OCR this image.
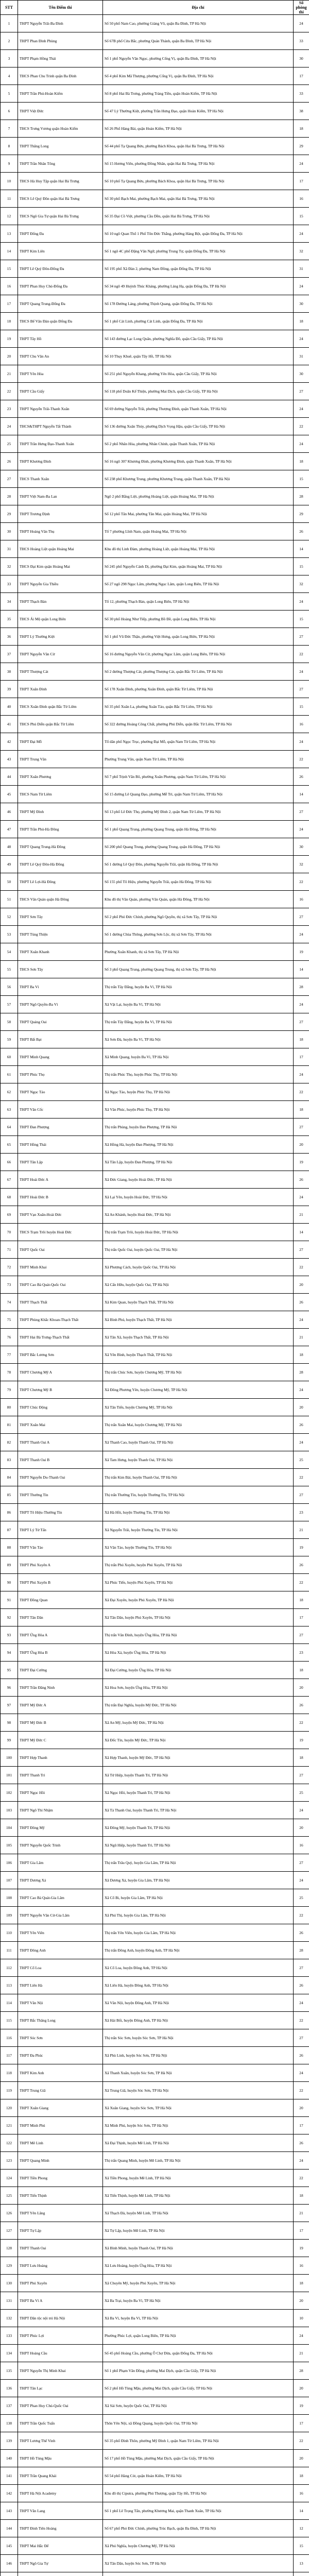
STT	Tên Điểm thi	Địa chỉ	Số phòng thi
1	THPT Nguyễn Trãi-Ba Đình	Số 50 phố Nam Cao, phường Giảng Võ, quận Ba Đình, TP Hà Nội	24
2	THPT Phan Đình Phùng	Số 67B phố Cửa Bắc, phường Quán Thánh, quận Ba Đình, TP Hà Nội	33
3	THPT Phạm Hồng Thái	Số 1 phố Nguyễn Văn Ngọc, phường Cống Vị, quận Ba Đình, TP Hà Nội	30
4	THCS Phan Chu Trinh quận Ba Đình	Số 4 phố Kim Mã Thượng, phường Cống Vị, quận Ba Đình, TP Hà Nội	17
5	THPT Trần Phú-Hoàn Kiếm	Số 8 phố Hai Bà Trưng, phường Tràng Tiền, quận Hoàn Kiếm, TP Hà Nội	33
6	THPT Việt Đức	Số 47 Lý Thường Kiệt, phường Trần Hưng Đạo, quận Hoàn Kiếm, TP Hà Nội	38
7	THCS Trưng Vương quận Hoàn Kiếm	Số 26 Phố Hàng Bài, quận Hoàn Kiếm, TP Hà Nội	18
8	THPT Thăng Long	Số 44 phố Tạ Quang Bửu, phường Bách Khoa, quận Hai Bà Trưng, TP Hà Nội	29
9	THPT Trần Nhân Tông	Số 15 Hương Viên, phường Đồng Nhân, quận Hai Bà Trưng, TP Hà Nội	24
10	THCS Hà Huy Tập quận Hai Bà Trưng	Số 10 phố Tạ Quang Bửu, phường Bách Khoa, quận Hai Bà Trưng, TP Hà Nội	17
11	THCS Lê Quý Đôn quận Hai Bà Trưng	Số 30 phố Bạch Mai, phường Bạch Mai, quận Hai Bà Trưng, TP Hà Nội	16
12	THCS Ngô Gia Tự quận Hai Bà Trưng	Số 35 Đại Cồ Việt, phường Cầu Dền, quận Hai Bà Trưng, TP Hà Nội	15
13	THPT Đống Đa	Số 10 ngõ Quan Thổ 1 Phố Tôn Đức Thắng, phường Hàng Bột, quận Đống Đa, TP Hà Nội	24
14	THPT Kim Liên	Số 1 ngõ 4C phố Đặng Văn Ngữ, phường Trung Tự, quận Đống Đa, TP Hà Nội	32
15	THPT Lê Quý Đôn-Đống Đa	Số 195 phố Xã Đàn 2, phường Nam Đồng, quận Đống Đa, TP Hà Nội	31
16	THPT Phan Huy Chú-Đống Đa	Số 34 ngõ 49 Huỳnh Thúc Kháng, phường Láng Hạ, quận Đống Đa, TP Hà Nội	24
17	THPT Quang Trung-Đống Đa	Số 178 Đường Láng, phường Thịnh Quang, quận Đống Đa, TP Hà Nội	30
18	THCS Bế Văn Đàn quận Đống Đa	Số 1 phố Cát Linh, phường Cát Linh, quận Đống Đa, TP Hà Nội	18
19	THPT Tây Hồ	Số 143 đường Lạc Long Quân, phường Nghĩa Đô, quận Cầu Giấy, TP Hà Nội	24
20	THPT Chu Văn An	Số 10 Thụy Khuê, quận Tây Hồ, TP Hà Nội	31
21	THPT Yên Hòa	Số 251 phố Nguyễn Khang, phường Yên Hòa, quận Cầu Giấy, TP Hà Nội	30
22	THPT Cầu Giấy	Số 118 phố Doãn Kế Thiện, phường Mai Dịch, quận Cầu Giấy, TP Hà Nội	27
23	THPT Nguyễn Trãi-Thanh Xuân	Số 69 đường Nguyễn Trãi, phường Thượng Đình, quận Thanh Xuân, TP Hà Nội	24
24	THCS&THPT Nguyễn Tất Thành	Số 136 đường Xuân Thủy, phường Dịch Vọng Hậu, quận Cầu Giấy, TP Hà Nội	22
25	THPT Trần Hưng Đạo-Thanh Xuân	Số 2 phố Nhân Hòa, phường Nhân Chính, quận Thanh Xuân, TP Hà Nội	24
26	THPT Khương Đình	Số 16 ngõ 307 Khương Đình, phường Khương Đình, quận Thanh Xuân, TP Hà Nội	18
27	THCS Thanh Xuân	Số 238 phố Khương Trung, phường Khương Trung, quận Thanh Xuân, TP Hà Nội	15
28	THPT Việt Nam-Ba Lan	Ngõ 2 phố Bằng Liệt, phường Hoàng Liệt, quận Hoàng Mai, TP Hà Nội	28
29	THPT Trương Định	Số 12 phố Tân Mai, phường Tân Mai, quận Hoàng Mai, TP Hà Nội	29
30	THPT Hoàng Văn Thụ	Tổ 7 phường Lĩnh Nam, quận Hoàng Mai, TP Hà Nội	26
31	THCS Hoàng Liệt quận Hoàng Mai	Khu đô thị Linh Đàm, phường Hoàng Liệt, quận Hoàng Mai, TP Hà Nội	14
32	THCS Đại Kim quận Hoàng Mai	Số 245 phố Nguyễn Cảnh Dị, phường Đại Kim, quận Hoàng Mai, TP Hà Nội	15
33	THPT Nguyễn Gia Thiều	Số 27 ngõ 298 Ngọc Lâm, phường Ngọc Lâm, quận Long Biên, TP Hà Nội	32
34	THPT Thạch Bàn	Tổ 12, phường Thạch Bàn, quận Long Biên, TP Hà Nội	24
35	THCS Ái Mộ quận Long Biên	Số 30 phố Hoàng Như Tiếp, phường Bồ Đề, quận Long Biên, TP Hà Nội	15
36	THPT Lý Thường Kiệt	Số 1 phố Vũ Đức Thận, phường Việt Hưng, quận Long Biên, TP Hà Nội	27
37	THPT Nguyễn Văn Cừ	Số 16 đường Nguyễn Văn Cừ, phường Ngọc Lâm, quận Long Biên, TP Hà Nội	22
38	THPT Thượng Cát	Số 2 đường Thượng Cát, phường Thượng Cát, quận Bắc Từ Liêm, TP Hà Nội	24
39	THPT Xuân Đỉnh	Số 178 Xuân Đỉnh, phường Xuân Đỉnh, quận Bắc Từ Liêm, TP Hà Nội	27
40	THCS Xuân Đỉnh quận Bắc Từ Liêm	Số 35 phố Xuân La, phường Xuân Tảo, quận Bắc Từ Liêm, TP Hà Nội	15
41	THCS Phú Diễn quận Bắc Từ Liêm	Số 322 đường Hoàng Công Chất, phường Phú Diễn, quận Bắc Từ Liêm, TP Hà Nội	16
42	THPT Đại Mỗ	Tổ dân phố Ngọc Trục, phường Đại Mỗ, quận Nam Từ Liêm, TP Hà Nội	24
43	THPT Trung Văn	Phường Trung Văn, quận Nam Từ Liêm, TP Hà Nội	22
44	THPT Xuân Phương	Số 7 phố Trịnh Văn Bô, phường Xuân Phương, quận Nam Từ Liêm, TP Hà Nội	26
45	THCS Nam Từ Liêm	Số 15 đường Lê Quang Đạo, phường Mễ Trì, quận Nam Từ Liêm, TP Hà Nội	14
46	THPT Mỹ Đình	Số 13 phố Lê Đức Thọ, phường Mỹ Đình 2, quận Nam Từ Liêm, TP Hà Nội	27
47	THPT Trần Phú-Hà Đông	Số 1 phố Quang Trung, phường Quang Trung, quận Hà Đông, TP Hà Nội	24
48	THPT Quang Trung-Hà Đông	Số 200 phố Quang Trung, phường Quang Trung, quận Hà Đông, TP Hà Nội	30
49	THPT Lê Quý Đôn-Hà Đông	Số 1 đường Lê Quý Đôn, phường Nguyễn Trãi, quận Hà Đông, TP Hà Nội	32
50	THPT Lê Lợi-Hà Đông	Số 155 phố Tô Hiệu, phường Nguyễn Trãi, quận Hà Đông, TP Hà Nội	22
51	THCS Văn Quán quận Hà Đông	Khu đô thị Văn Quán, phường Văn Quán, quận Hà Đông, TP Hà Nội	16
52	THPT Sơn Tây	Số 2 phố Phó Đức Chính, phường Ngô Quyền, thị xã Sơn Tây, TP Hà Nội	27
53	THPT Tùng Thiện	Số 1 đường Chùa Thông, phường Sơn Lộc, thị xã Sơn Tây, TP Hà Nội	24
54	THPT Xuân Khanh	Phường Xuân Khanh, thị xã Sơn Tây, TP Hà Nội	19
55	THCS Sơn Tây	Số 3 phố Quang Trung, phường Quang Trung, thị xã Sơn Tây, TP Hà Nội	14
56	THPT Ba Vì	Thị trấn Tây Đằng, huyện Ba Vì, TP Hà Nội	28
57	THPT Ngô Quyền-Ba Vì	Xã Vật Lại, huyện Ba Vì, TP Hà Nội	24
58	THPT Quảng Oai	Thị trấn Tây Đằng, huyện Ba Vì, TP Hà Nội	27
59	THPT Bất Bạt	Xã Sơn Đà, huyện Ba Vì, TP Hà Nội	18
60	THPT Minh Quang	Xã Minh Quang, huyện Ba Vì, TP Hà Nội	17
61	THPT Phúc Thọ	Thị trấn Phúc Thọ, huyện Phúc Thọ, TP Hà Nội	24
62	THPT Ngọc Tảo	Xã Ngọc Tảo, huyện Phúc Thọ, TP Hà Nội	22
63	THPT Vân Cốc	Xã Vân Phúc, huyện Phúc Thọ, TP Hà Nội	18
64	THPT Đan Phượng	Thị trấn Phùng, huyện Đan Phượng, TP Hà Nội	27
65	THPT Hồng Thái	Xã Hồng Hà, huyện Đan Phượng, TP Hà Nội	20
66	THPT Tân Lập	Xã Tân Lập, huyện Đan Phượng, TP Hà Nội	19
67	THPT Hoài Đức A	Xã Đức Giang, huyện Hoài Đức, TP Hà Nội	26
68	THPT Hoài Đức B	Xã Lại Yên, huyện Hoài Đức, TP Hà Nội	24
69	THPT Vạn Xuân-Hoài Đức	Xã An Khánh, huyện Hoài Đức, TP Hà Nội	21
70	THCS Trạm Trôi huyện Hoài Đức	Thị trấn Trạm Trôi, huyện Hoài Đức, TP Hà Nội	14
71	THPT Quốc Oai	Thị trấn Quốc Oai, huyện Quốc Oai, TP Hà Nội	27
72	THPT Minh Khai	Xã Phượng Cách, huyện Quốc Oai, TP Hà Nội	22
73	THPT Cao Bá Quát-Quốc Oai	Xã Cấn Hữu, huyện Quốc Oai, TP Hà Nội	20
74	THPT Thạch Thất	Xã Kim Quan, huyện Thạch Thất, TP Hà Nội	26
75	THPT Phùng Khắc Khoan-Thạch Thất	Xã Bình Phú, huyện Thạch Thất, TP Hà Nội	24
76	THPT Hai Bà Trưng-Thạch Thất	Xã Tân Xã, huyện Thạch Thất, TP Hà Nội	21
77	THPT Bắc Lương Sơn	Xã Yên Bình, huyện Thạch Thất, TP Hà Nội	18
78	THPT Chương Mỹ A	Thị trấn Chúc Sơn, huyện Chương Mỹ, TP Hà Nội	28
79	THPT Chương Mỹ B	Xã Đông Phương Yên, huyện Chương Mỹ, TP Hà Nội	24
80	THPT Chúc Động	Xã Tân Tiến, huyện Chương Mỹ, TP Hà Nội	20
81	THPT Xuân Mai	Thị trấn Xuân Mai, huyện Chương Mỹ, TP Hà Nội	26
82	THPT Thanh Oai A	Xã Thanh Cao, huyện Thanh Oai, TP Hà Nội	24
83	THPT Thanh Oai B	Xã Tam Hưng, huyện Thanh Oai, TP Hà Nội	25
84	THPT Nguyễn Du-Thanh Oai	Thị trấn Kim Bài, huyện Thanh Oai, TP Hà Nội	22
85	THPT Thường Tín	Thị trấn Thường Tín, huyện Thường Tín, TP Hà Nội	27
86	THPT Tô Hiệu-Thường Tín	Xã Hà Hồi, huyện Thường Tín, TP Hà Nội	23
87	THPT Lý Tử Tấn	Xã Nguyễn Trãi, huyện Thường Tín, TP Hà Nội	21
88	THPT Vân Tảo	Xã Vân Tảo, huyện Thường Tín, TP Hà Nội	19
89	THPT Phú Xuyên A	Thị trấn Phú Xuyên, huyện Phú Xuyên, TP Hà Nội	26
90	THPT Phú Xuyên B	Xã Phúc Tiến, huyện Phú Xuyên, TP Hà Nội	22
91	THPT Đồng Quan	Xã Đại Xuyên, huyện Phú Xuyên, TP Hà Nội	18
92	THPT Tân Dân	Xã Tân Dân, huyện Phú Xuyên, TP Hà Nội	17
93	THPT Ứng Hòa A	Thị trấn Vân Đình, huyện Ứng Hòa, TP Hà Nội	27
94	THPT Ứng Hòa B	Xã Hòa Xá, huyện Ứng Hòa, TP Hà Nội	23
95	THPT Đại Cường	Xã Đại Cường, huyện Ứng Hòa, TP Hà Nội	18
96	THPT Trần Đăng Ninh	Xã Hoa Sơn, huyện Ứng Hòa, TP Hà Nội	20
97	THPT Mỹ Đức A	Thị trấn Đại Nghĩa, huyện Mỹ Đức, TP Hà Nội	26
98	THPT Mỹ Đức B	Xã An Mỹ, huyện Mỹ Đức, TP Hà Nội	22
99	THPT Mỹ Đức C	Xã Đốc Tín, huyện Mỹ Đức, TP Hà Nội	19
100	THPT Hợp Thanh	Xã Hợp Thanh, huyện Mỹ Đức, TP Hà Nội	18
101	THPT Thanh Trì	Xã Tứ Hiệp, huyện Thanh Trì, TP Hà Nội	27
102	THPT Ngọc Hồi	Xã Ngọc Hồi, huyện Thanh Trì, TP Hà Nội	25
103	THPT Ngô Thì Nhậm	Xã Tả Thanh Oai, huyện Thanh Trì, TP Hà Nội	24
104	THPT Đông Mỹ	Xã Đông Mỹ, huyện Thanh Trì, TP Hà Nội	20
105	THPT Nguyễn Quốc Trinh	Xã Ngũ Hiệp, huyện Thanh Trì, TP Hà Nội	16
106	THPT Gia Lâm	Thị trấn Trâu Quỳ, huyện Gia Lâm, TP Hà Nội	27
107	THPT Dương Xá	Xã Dương Xá, huyện Gia Lâm, TP Hà Nội	24
108	THPT Cao Bá Quát-Gia Lâm	Xã Cổ Bi, huyện Gia Lâm, TP Hà Nội	25
109	THPT Nguyễn Văn Cừ-Gia Lâm	Xã Phú Thị, huyện Gia Lâm, TP Hà Nội	22
110	THPT Yên Viên	Thị trấn Yên Viên, huyện Gia Lâm, TP Hà Nội	26
111	THPT Đông Anh	Thị trấn Đông Anh, huyện Đông Anh, TP Hà Nội	28
112	THPT Cổ Loa	Xã Cổ Loa, huyện Đông Anh, TP Hà Nội	27
113	THPT Liên Hà	Xã Liên Hà, huyện Đông Anh, TP Hà Nội	26
114	THPT Vân Nội	Xã Vân Nội, huyện Đông Anh, TP Hà Nội	24
115	THPT Bắc Thăng Long	Xã Hải Bối, huyện Đông Anh, TP Hà Nội	22
116	THPT Sóc Sơn	Thị trấn Sóc Sơn, huyện Sóc Sơn, TP Hà Nội	27
117	THPT Đa Phúc	Xã Phù Linh, huyện Sóc Sơn, TP Hà Nội	26
118	THPT Kim Anh	Xã Thanh Xuân, huyện Sóc Sơn, TP Hà Nội	24
119	THPT Trung Giã	Xã Trung Giã, huyện Sóc Sơn, TP Hà Nội	22
120	THPT Xuân Giang	Xã Xuân Giang, huyện Sóc Sơn, TP Hà Nội	20
121	THPT Minh Phú	Xã Minh Phú, huyện Sóc Sơn, TP Hà Nội	17
122	THPT Mê Linh	Xã Đại Thịnh, huyện Mê Linh, TP Hà Nội	26
123	THPT Quang Minh	Thị trấn Quang Minh, huyện Mê Linh, TP Hà Nội	24
124	THPT Tiền Phong	Xã Tiền Phong, huyện Mê Linh, TP Hà Nội	22
125	THPT Tiến Thịnh	Xã Tiến Thịnh, huyện Mê Linh, TP Hà Nội	18
126	THPT Yên Lãng	Xã Thạch Đà, huyện Mê Linh, TP Hà Nội	21
127	THPT Tự Lập	Xã Tự Lập, huyện Mê Linh, TP Hà Nội	17
128	THPT Thanh Oai	Xã Bình Minh, huyện Thanh Oai, TP Hà Nội	19
129	THPT Lưu Hoàng	Xã Lưu Hoàng, huyện Ứng Hòa, TP Hà Nội	16
130	THPT Phú Xuyên	Xã Chuyên Mỹ, huyện Phú Xuyên, TP Hà Nội	18
131	THPT Ba Vì A	Xã Ba Trại, huyện Ba Vì, TP Hà Nội	20
132	THPT Dân tộc nội trú Hà Nội	Xã Ba Vì, huyện Ba Vì, TP Hà Nội	10
133	THPT Phúc Lợi	Phường Phúc Lợi, quận Long Biên, TP Hà Nội	24
134	THPT Hoàng Cầu	Số 45 phố Hoàng Cầu, phường Ô Chợ Dừa, quận Đống Đa, TP Hà Nội	21
135	THPT Nguyễn Thị Minh Khai	Số 1 phố Phạm Văn Đồng, phường Mai Dịch, quận Cầu Giấy, TP Hà Nội	28
136	THPT Tân Lạc	Số 2 phố Hồ Tùng Mậu, phường Mai Dịch, quận Cầu Giấy, TP Hà Nội	20
137	THPT Phan Huy Chú-Quốc Oai	Xã Sài Sơn, huyện Quốc Oai, TP Hà Nội	19
138	THPT Trần Quốc Tuấn	Thôn Yên Nội, xã Đồng Quang, huyện Quốc Oai, TP Hà Nội	17
139	THPT Lương Thế Vinh	Số 35 phố Đình Thôn, phường Mỹ Đình 1, quận Nam Từ Liêm, TP Hà Nội	22
140	THPT Hồ Tùng Mậu	Số 17 phố Hồ Tùng Mậu, phường Mai Dịch, quận Cầu Giấy, TP Hà Nội	20
141	THPT Trần Quang Khải	Số 54 phố Hàng Cót, quận Hoàn Kiếm, TP Hà Nội	18
142	THPT Hà Nội Academy	Khu đô thị Ciputra, phường Phú Thượng, quận Tây Hồ, TP Hà Nội	16
143	THPT Văn Lang	Số 1 phố Lê Trọng Tấn, phường Khương Mai, quận Thanh Xuân, TP Hà Nội	14
144	THPT Đinh Tiên Hoàng	Số 67 phố Phó Đức Chính, phường Trúc Bạch, quận Ba Đình, TP Hà Nội	12
145	THPT Mai Hắc Đế	Xã Phú Nghĩa, huyện Chương Mỹ, TP Hà Nội	15
146	THPT Ngô Gia Tự	Xã Tân Dân, huyện Sóc Sơn, TP Hà Nội	13
